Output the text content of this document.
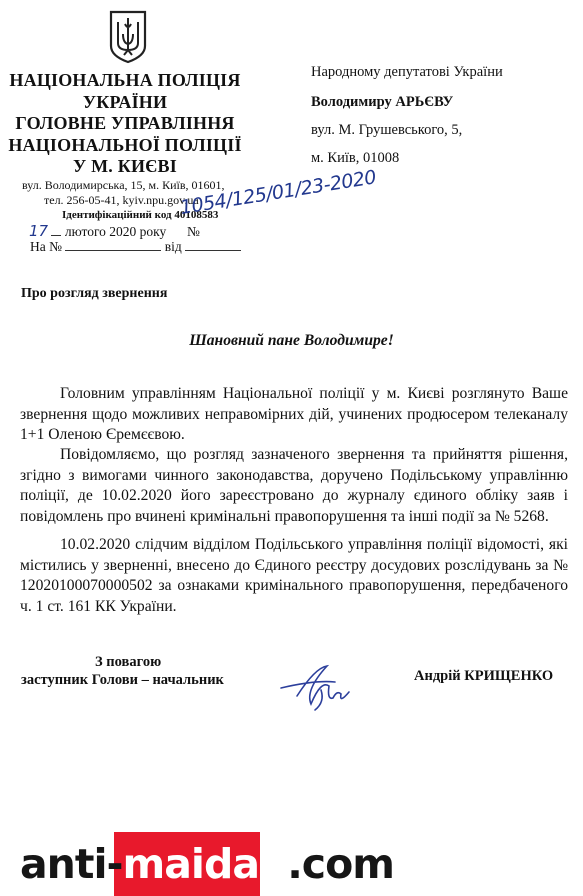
НАЦІОНАЛЬНА ПОЛІЦІЯ
УКРАЇНИ
ГОЛОВНЕ УПРАВЛІННЯ
НАЦІОНАЛЬНОЇ ПОЛІЦІЇ
У М. КИЄВІ
вул. Володимирська, 15, м. Київ, 01601,
тел. 256-05-41, kyiv.npu.gov.ua
Ідентифікаційний код 40108583
17 лютого 2020 року №
1054/125/01/23-2020
На №	від
Народному депутатові України
Володимиру АРЬЄВУ
вул. М. Грушевського, 5,
м. Київ, 01008
Про розгляд звернення
Шановний пане Володимире!
Головним управлінням Національної поліції у м. Києві розглянуто Ваше звернення щодо можливих неправомірних дій, учинених продюсером телеканалу 1+1 Оленою Єремєєвою.
Повідомляємо, що розгляд зазначеного звернення та прийняття рішення, згідно з вимогами чинного законодавства, доручено Подільському управлінню поліції, де 10.02.2020 його зареєстровано до журналу єдиного обліку заяв і повідомлень про вчинені кримінальні правопорушення та інші події за № 5268.
10.02.2020 слідчим відділом Подільського управління поліції відомості, які містились у зверненні, внесено до Єдиного реєстру досудових розслідувань за № 12020100070000502 за ознаками кримінального правопорушення, передбаченого ч. 1 ст. 161 КК України.
З повагою
заступник Голови – начальник	Андрій КРИЩЕНКО
anti-maidan.com
